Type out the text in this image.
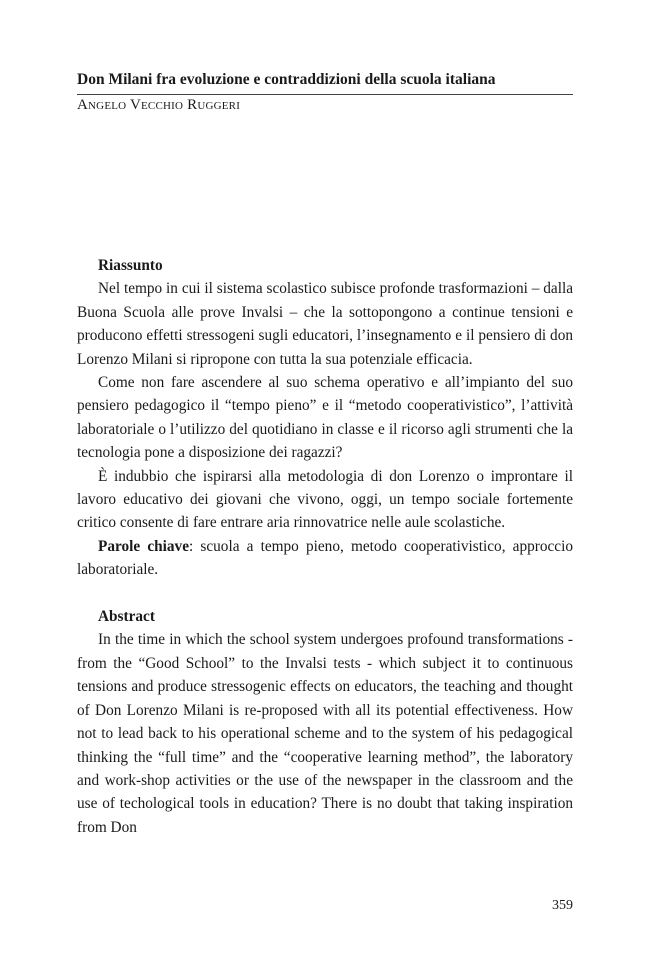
Don Milani fra evoluzione e contraddizioni della scuola italiana
Angelo Vecchio Ruggeri
Riassunto

Nel tempo in cui il sistema scolastico subisce profonde trasformazioni – dalla Buona Scuola alle prove Invalsi – che la sottopongono a continue tensioni e producono effetti stressogeni sugli educatori, l’insegnamento e il pensiero di don Lorenzo Milani si ripropone con tutta la sua potenziale efficacia.

Come non fare ascendere al suo schema operativo e all’impianto del suo pensiero pedagogico il “tempo pieno” e il “metodo cooperativistico”, l’attività laboratoriale o l’utilizzo del quotidiano in classe e il ricorso agli strumenti che la tecnologia pone a disposizione dei ragazzi?

È indubbio che ispirarsi alla metodologia di don Lorenzo o improntare il lavoro educativo dei giovani che vivono, oggi, un tempo sociale fortemente critico consente di fare entrare aria rinnovatrice nelle aule scolastiche.

Parole chiave: scuola a tempo pieno, metodo cooperativistico, approccio laboratoriale.

Abstract

In the time in which the school system undergoes profound transformations - from the “Good School” to the Invalsi tests - which subject it to continuous tensions and produce stressogenic effects on educators, the teaching and thought of Don Lorenzo Milani is re-proposed with all its potential effectiveness. How not to lead back to his operational scheme and to the system of his pedagogical thinking the “full time” and the “cooperative learning method”, the laboratory and work-shop activities or the use of the newspaper in the classroom and the use of techological tools in education? There is no doubt that taking inspiration from Don

359
